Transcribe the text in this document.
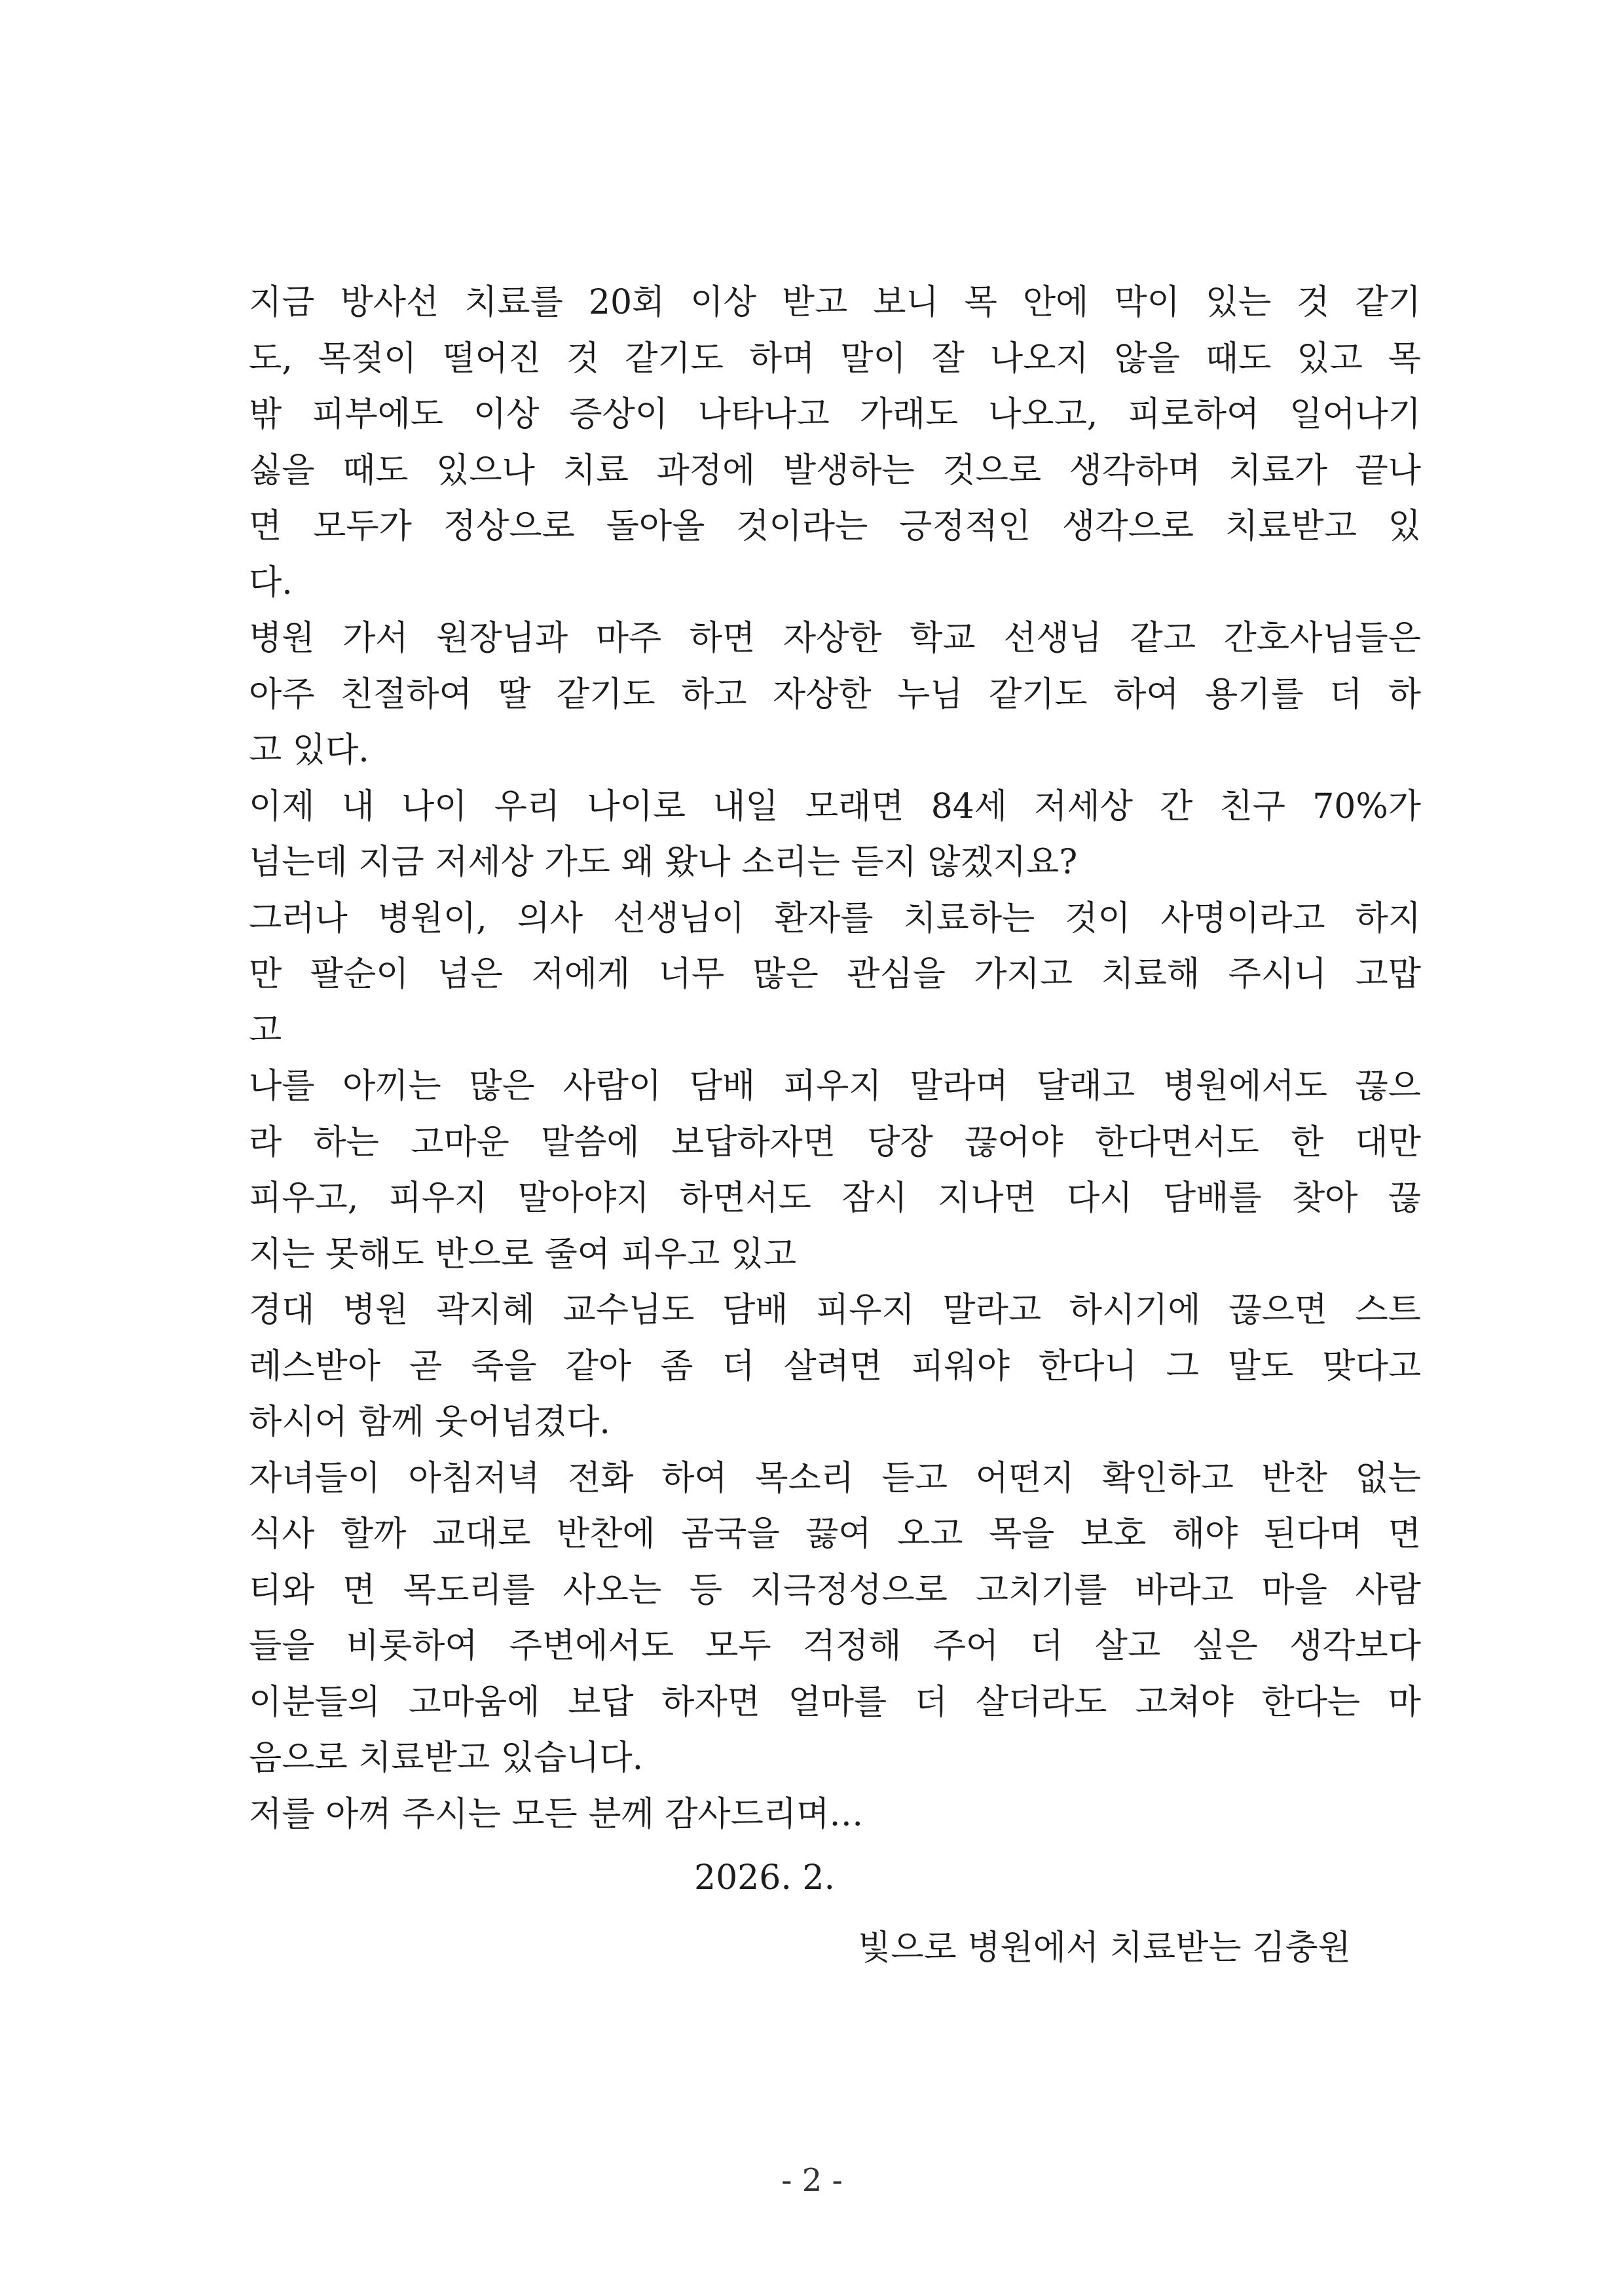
지금 방사선 치료를 20회 이상 받고 보니 목 안에 막이 있는 것 같기
도, 목젖이 떨어진 것 같기도 하며 말이 잘 나오지 않을 때도 있고 목
밖 피부에도 이상 증상이 나타나고 가래도 나오고, 피로하여 일어나기
싫을 때도 있으나 치료 과정에 발생하는 것으로 생각하며 치료가 끝나
면 모두가 정상으로 돌아올 것이라는 긍정적인 생각으로 치료받고 있
다.
병원 가서 원장님과 마주 하면 자상한 학교 선생님 같고 간호사님들은
아주 친절하여 딸 같기도 하고 자상한 누님 같기도 하여 용기를 더 하
고 있다.
이제 내 나이 우리 나이로 내일 모래면 84세 저세상 간 친구 70%가
넘는데 지금 저세상 가도 왜 왔나 소리는 듣지 않겠지요?
그러나 병원이, 의사 선생님이 환자를 치료하는 것이 사명이라고 하지
만 팔순이 넘은 저에게 너무 많은 관심을 가지고 치료해 주시니 고맙
고
나를 아끼는 많은 사람이 담배 피우지 말라며 달래고 병원에서도 끊으
라 하는 고마운 말씀에 보답하자면 당장 끊어야 한다면서도 한 대만
피우고, 피우지 말아야지 하면서도 잠시 지나면 다시 담배를 찾아 끊
지는 못해도 반으로 줄여 피우고 있고
경대 병원 곽지혜 교수님도 담배 피우지 말라고 하시기에 끊으면 스트
레스받아 곧 죽을 같아 좀 더 살려면 피워야 한다니 그 말도 맞다고
하시어 함께 웃어넘겼다.
자녀들이 아침저녁 전화 하여 목소리 듣고 어떤지 확인하고 반찬 없는
식사 할까 교대로 반찬에 곰국을 끓여 오고 목을 보호 해야 된다며 면
티와 면 목도리를 사오는 등 지극정성으로 고치기를 바라고 마을 사람
들을 비롯하여 주변에서도 모두 걱정해 주어 더 살고 싶은 생각보다
이분들의 고마움에 보답 하자면 얼마를 더 살더라도 고쳐야 한다는 마
음으로 치료받고 있습니다.
저를 아껴 주시는 모든 분께 감사드리며…
2026. 2.
빛으로 병원에서 치료받는 김충원
- 2 -
